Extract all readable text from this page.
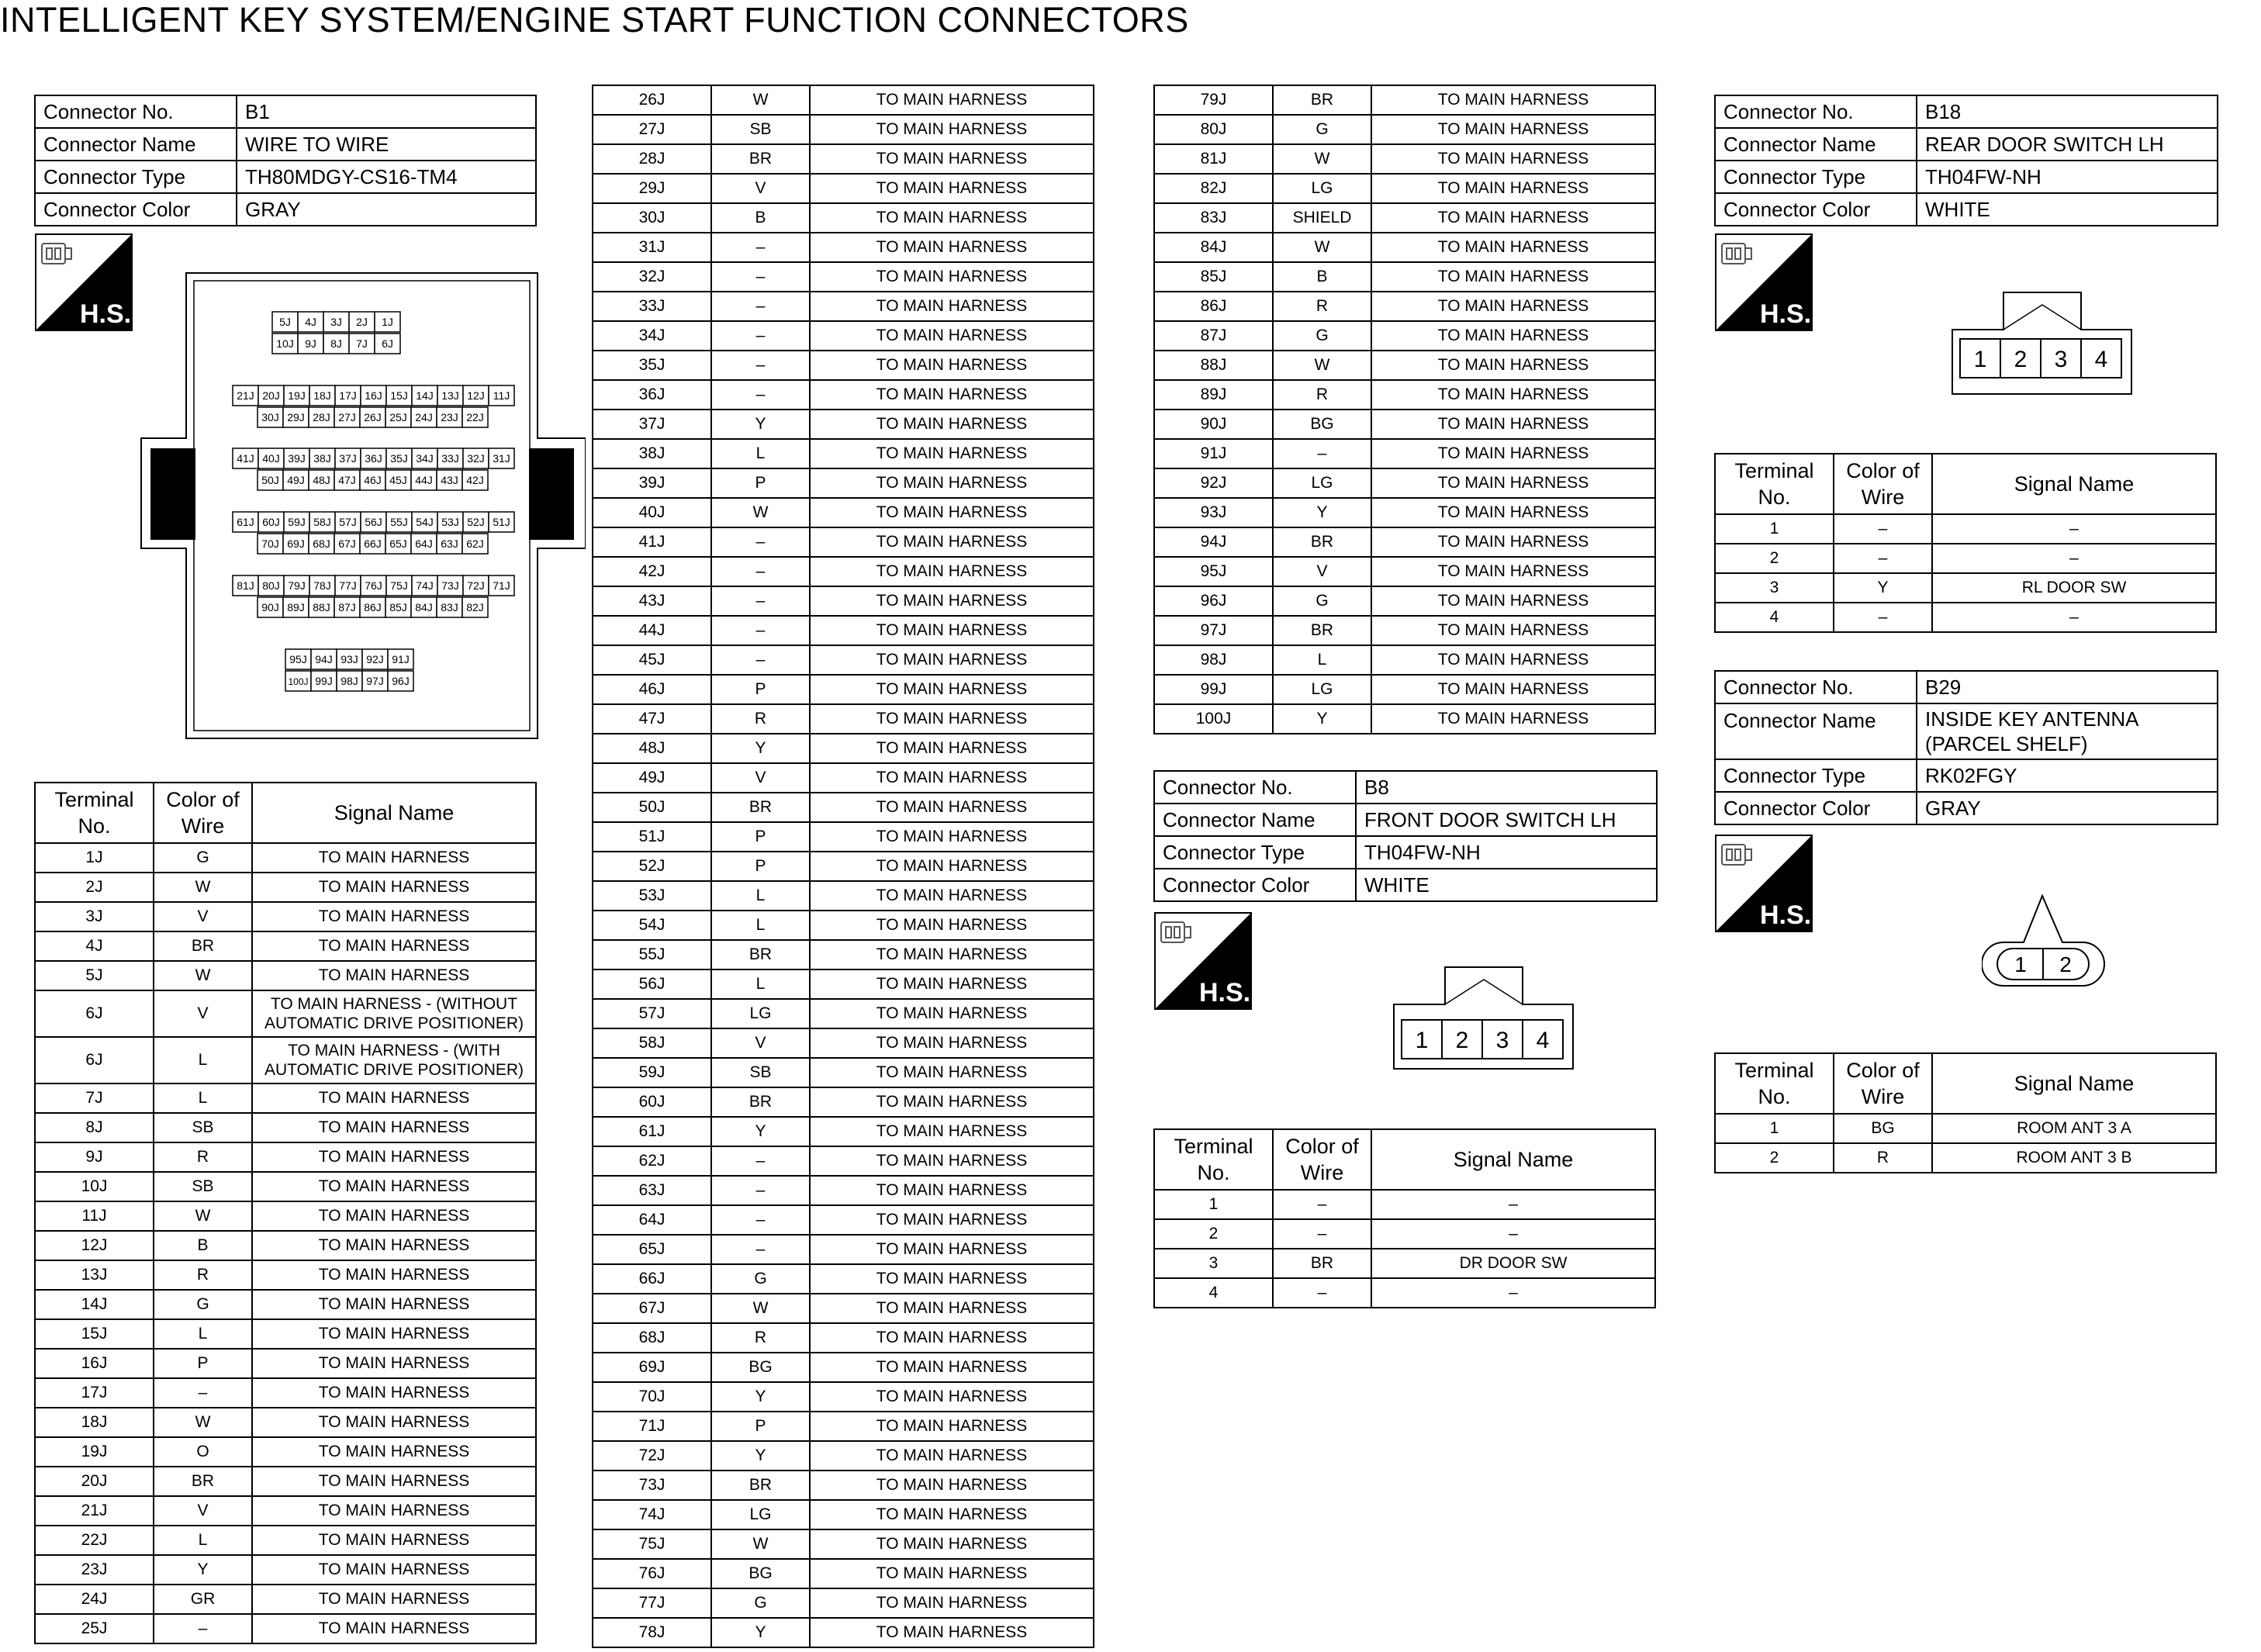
INTELLIGENT KEY SYSTEM/ENGINE START FUNCTION CONNECTORS
Connector No.	B1
Connector Name	WIRE TO WIRE
Connector Type	TH80MDGY-CS16-TM4
Connector Color	GRAY
H.S.
H.S.
H.S.
H.S.
5J 4J 3J 2J 1J
10J 9J 8J 7J 6J
21J 20J 19J 18J 17J 16J 15J 14J 13J 12J 11J
30J 29J 28J 27J 26J 25J 24J 23J 22J
41J 40J 39J 38J 37J 36J 35J 34J 33J 32J 31J
50J 49J 48J 47J 46J 45J 44J 43J 42J
61J 60J 59J 58J 57J 56J 55J 54J 53J 52J 51J
70J 69J 68J 67J 66J 65J 64J 63J 62J
81J 80J 79J 78J 77J 76J 75J 74J 73J 72J 71J
90J 89J 88J 87J 86J 85J 84J 83J 82J
95J 94J 93J 92J 91J
100J 99J 98J 97J 96J
Terminal No.	Color of Wire	Signal Name
1J	G	TO MAIN HARNESS
2J	W	TO MAIN HARNESS
3J	V	TO MAIN HARNESS
4J	BR	TO MAIN HARNESS
5J	W	TO MAIN HARNESS
6J	V	TO MAIN HARNESS - (WITHOUT AUTOMATIC DRIVE POSITIONER)
6J	L	TO MAIN HARNESS - (WITH AUTOMATIC DRIVE POSITIONER)
7J	L	TO MAIN HARNESS
8J	SB	TO MAIN HARNESS
9J	R	TO MAIN HARNESS
10J	SB	TO MAIN HARNESS
11J	W	TO MAIN HARNESS
12J	B	TO MAIN HARNESS
13J	R	TO MAIN HARNESS
14J	G	TO MAIN HARNESS
15J	L	TO MAIN HARNESS
16J	P	TO MAIN HARNESS
17J	–	TO MAIN HARNESS
18J	W	TO MAIN HARNESS
19J	O	TO MAIN HARNESS
20J	BR	TO MAIN HARNESS
21J	V	TO MAIN HARNESS
22J	L	TO MAIN HARNESS
23J	Y	TO MAIN HARNESS
24J	GR	TO MAIN HARNESS
25J	–	TO MAIN HARNESS
26J	W	TO MAIN HARNESS
27J	SB	TO MAIN HARNESS
28J	BR	TO MAIN HARNESS
29J	V	TO MAIN HARNESS
30J	B	TO MAIN HARNESS
31J	–	TO MAIN HARNESS
32J	–	TO MAIN HARNESS
33J	–	TO MAIN HARNESS
34J	–	TO MAIN HARNESS
35J	–	TO MAIN HARNESS
36J	–	TO MAIN HARNESS
37J	Y	TO MAIN HARNESS
38J	L	TO MAIN HARNESS
39J	P	TO MAIN HARNESS
40J	W	TO MAIN HARNESS
41J	–	TO MAIN HARNESS
42J	–	TO MAIN HARNESS
43J	–	TO MAIN HARNESS
44J	–	TO MAIN HARNESS
45J	–	TO MAIN HARNESS
46J	P	TO MAIN HARNESS
47J	R	TO MAIN HARNESS
48J	Y	TO MAIN HARNESS
49J	V	TO MAIN HARNESS
50J	BR	TO MAIN HARNESS
51J	P	TO MAIN HARNESS
52J	P	TO MAIN HARNESS
53J	L	TO MAIN HARNESS
54J	L	TO MAIN HARNESS
55J	BR	TO MAIN HARNESS
56J	L	TO MAIN HARNESS
57J	LG	TO MAIN HARNESS
58J	V	TO MAIN HARNESS
59J	SB	TO MAIN HARNESS
60J	BR	TO MAIN HARNESS
61J	Y	TO MAIN HARNESS
62J	–	TO MAIN HARNESS
63J	–	TO MAIN HARNESS
64J	–	TO MAIN HARNESS
65J	–	TO MAIN HARNESS
66J	G	TO MAIN HARNESS
67J	W	TO MAIN HARNESS
68J	R	TO MAIN HARNESS
69J	BG	TO MAIN HARNESS
70J	Y	TO MAIN HARNESS
71J	P	TO MAIN HARNESS
72J	Y	TO MAIN HARNESS
73J	BR	TO MAIN HARNESS
74J	LG	TO MAIN HARNESS
75J	W	TO MAIN HARNESS
76J	BG	TO MAIN HARNESS
77J	G	TO MAIN HARNESS
78J	Y	TO MAIN HARNESS
79J	BR	TO MAIN HARNESS
80J	G	TO MAIN HARNESS
81J	W	TO MAIN HARNESS
82J	LG	TO MAIN HARNESS
83J	SHIELD	TO MAIN HARNESS
84J	W	TO MAIN HARNESS
85J	B	TO MAIN HARNESS
86J	R	TO MAIN HARNESS
87J	G	TO MAIN HARNESS
88J	W	TO MAIN HARNESS
89J	R	TO MAIN HARNESS
90J	BG	TO MAIN HARNESS
91J	–	TO MAIN HARNESS
92J	LG	TO MAIN HARNESS
93J	Y	TO MAIN HARNESS
94J	BR	TO MAIN HARNESS
95J	V	TO MAIN HARNESS
96J	G	TO MAIN HARNESS
97J	BR	TO MAIN HARNESS
98J	L	TO MAIN HARNESS
99J	LG	TO MAIN HARNESS
100J	Y	TO MAIN HARNESS
Connector No.	B8
Connector Name	FRONT DOOR SWITCH LH
Connector Type	TH04FW-NH
Connector Color	WHITE
1 2 3 4
Terminal No.	Color of Wire	Signal Name
1	–	–
2	–	–
3	BR	DR DOOR SW
4	–	–
Connector No.	B18
Connector Name	REAR DOOR SWITCH LH
Connector Type	TH04FW-NH
Connector Color	WHITE
1 2 3 4
Terminal No.	Color of Wire	Signal Name
1	–	–
2	–	–
3	Y	RL DOOR SW
4	–	–
Connector No.	B29
Connector Name	INSIDE KEY ANTENNA (PARCEL SHELF)
Connector Type	RK02FGY
Connector Color	GRAY
1 2
Terminal No.	Color of Wire	Signal Name
1	BG	ROOM ANT 3 A
2	R	ROOM ANT 3 B
